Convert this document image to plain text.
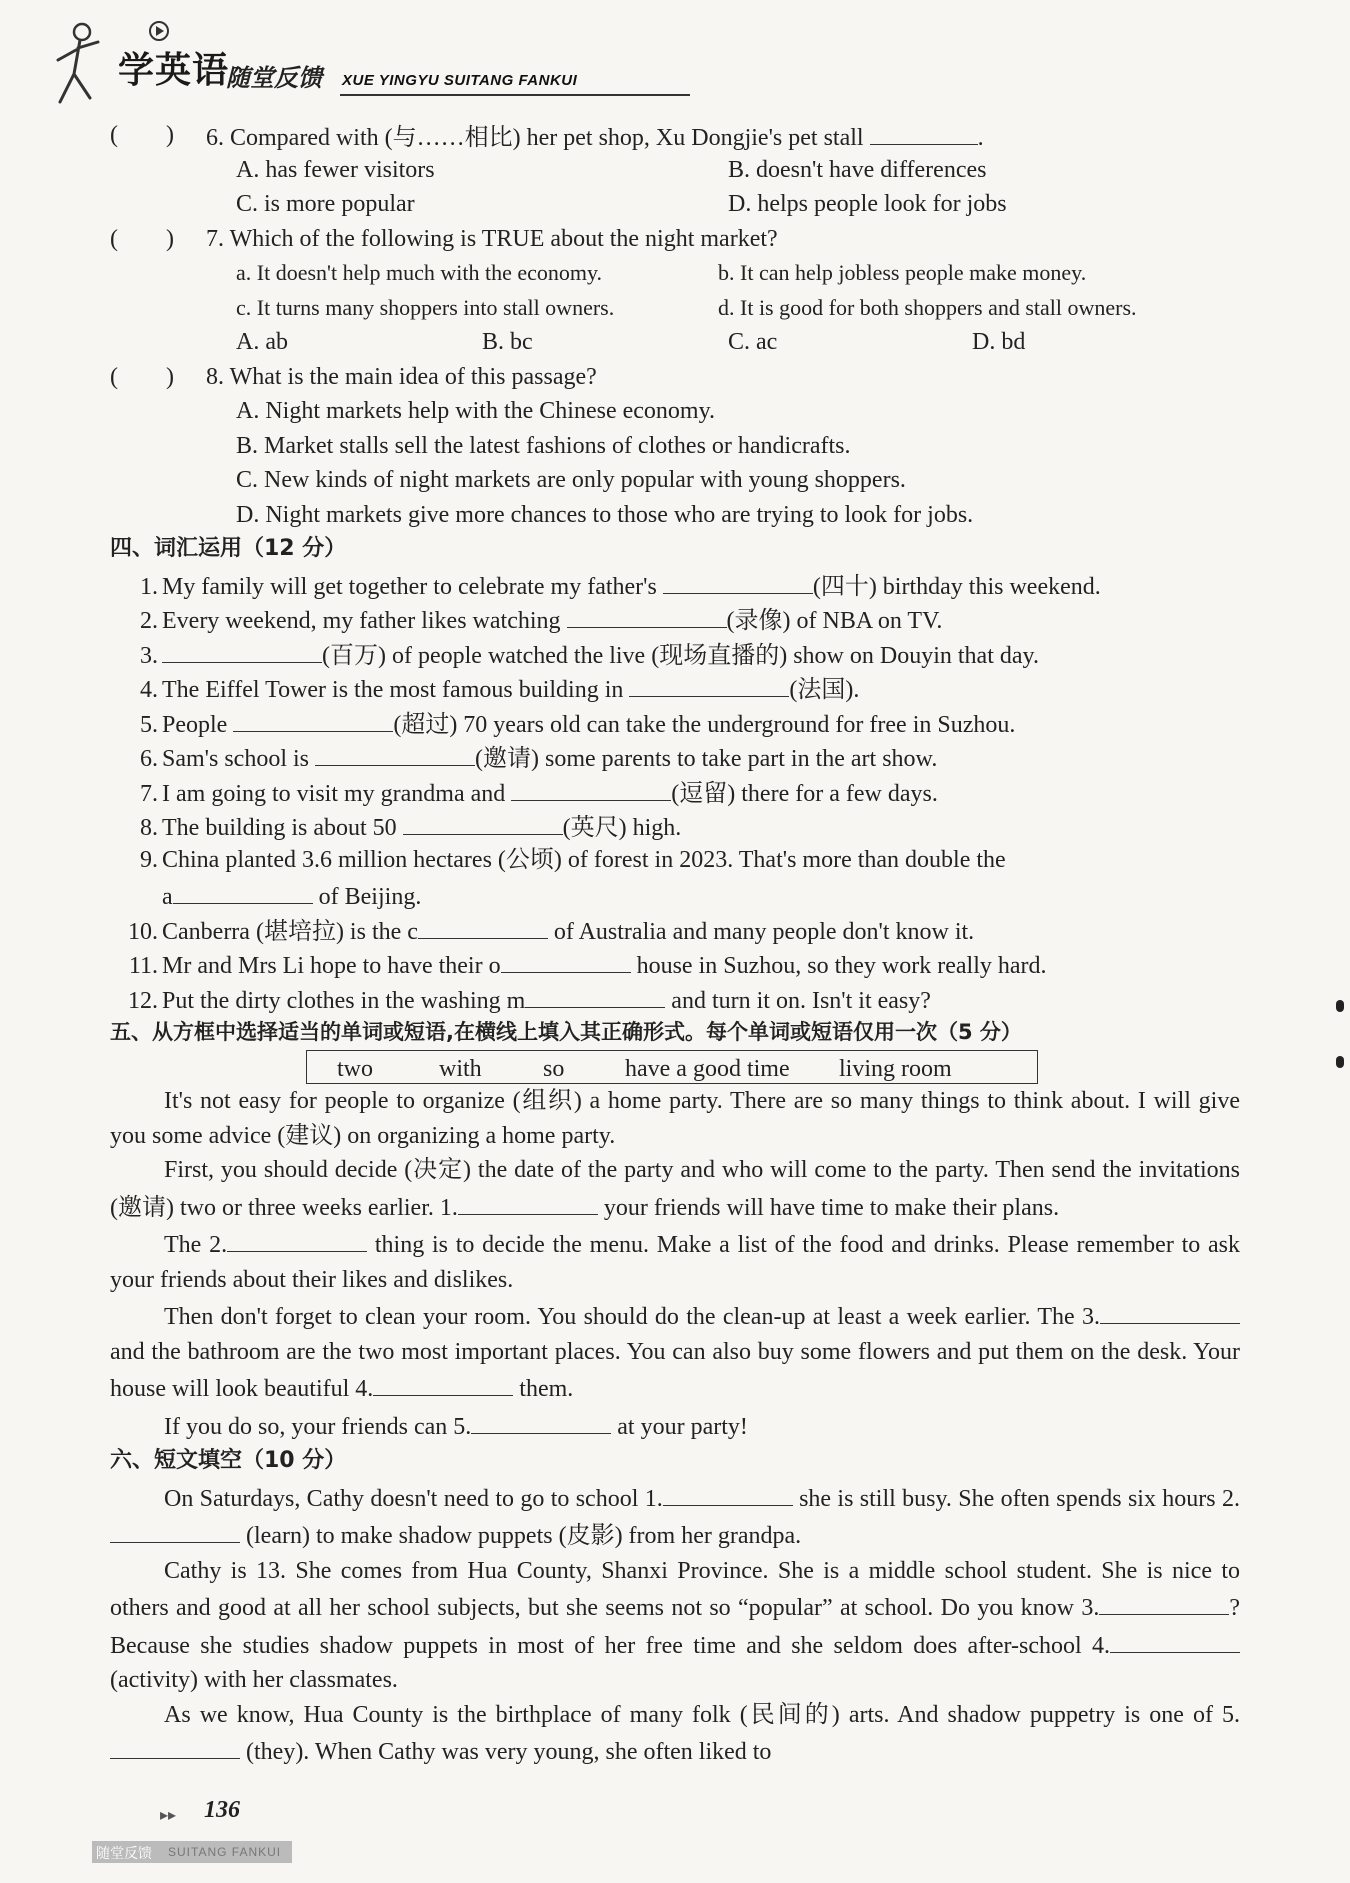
学英语
随堂反馈 XUE YINGYU SUITANG FANKUI
(　　) 6. Compared with (与……相比) her pet shop, Xu Dongjie's pet stall	.
A. has fewer visitors	B. doesn't have differences
C. is more popular	D. helps people look for jobs
(　　) 7. Which of the following is TRUE about the night market?
a. It doesn't help much with the economy.	b. It can help jobless people make money.
c. It turns many shoppers into stall owners.	d. It is good for both shoppers and stall owners.
A. ab	B. bc	C. ac	D. bd
(　　) 8. What is the main idea of this passage?
A. Night markets help with the Chinese economy.
B. Market stalls sell the latest fashions of clothes or handicrafts.
C. New kinds of night markets are only popular with young shoppers.
D. Night markets give more chances to those who are trying to look for jobs.
四、词汇运用（12 分）
1. My family will get together to celebrate my father's	(四十) birthday this weekend.
2. Every weekend, my father likes watching	(录像) of NBA on TV.
3.	(百万) of people watched the live (现场直播的) show on Douyin that day.
4. The Eiffel Tower is the most famous building in	(法国).
5. People	(超过) 70 years old can take the underground for free in Suzhou.
6. Sam's school is	(邀请) some parents to take part in the art show.
7. I am going to visit my grandma and	(逗留) there for a few days.
8. The building is about 50	(英尺) high.
9. China planted 3.6 million hectares (公顷) of forest in 2023. That's more than double the
a	of Beijing.
10. Canberra (堪培拉) is the c	of Australia and many people don't know it.
11. Mr and Mrs Li hope to have their o	house in Suzhou, so they work really hard.
12. Put the dirty clothes in the washing m	and turn it on. Isn't it easy?
五、从方框中选择适当的单词或短语,在横线上填入其正确形式。每个单词或短语仅用一次（5 分）
two	with	so	have a good time living room
It's not easy for people to organize (组织) a home party. There are so many things to think about. I will give you some advice (建议) on organizing a home party.
First, you should decide (决定) the date of the party and who will come to the party. Then send the invitations (邀请) two or three weeks earlier. 1.	your friends will have time to make their plans.
The 2.	thing is to decide the menu. Make a list of the food and drinks. Please remember to ask your friends about their likes and dislikes.
Then don't forget to clean your room. You should do the clean-up at least a week earlier. The 3. and the bathroom are the two most important places. You can also buy some flowers and put them on the desk. Your house will look beautiful 4.	them.
If you do so, your friends can 5.	at your party!
六、短文填空（10 分）
On Saturdays, Cathy doesn't need to go to school 1.	she is still busy. She often spends six hours 2. (learn) to make shadow puppets (皮影) from her grandpa.
Cathy is 13. She comes from Hua County, Shanxi Province. She is a middle school student. She is nice to others and good at all her school subjects, but she seems not so “popular” at school. Do you know 3.	? Because she studies shadow puppets in most of her free time and she seldom does after-school 4. (activity) with her classmates.
As we know, Hua County is the birthplace of many folk (民间的) arts. And shadow puppetry is one of 5. (they). When Cathy was very young, she often liked to
▸▸ 136
随堂反馈 SUITANG FANKUI
